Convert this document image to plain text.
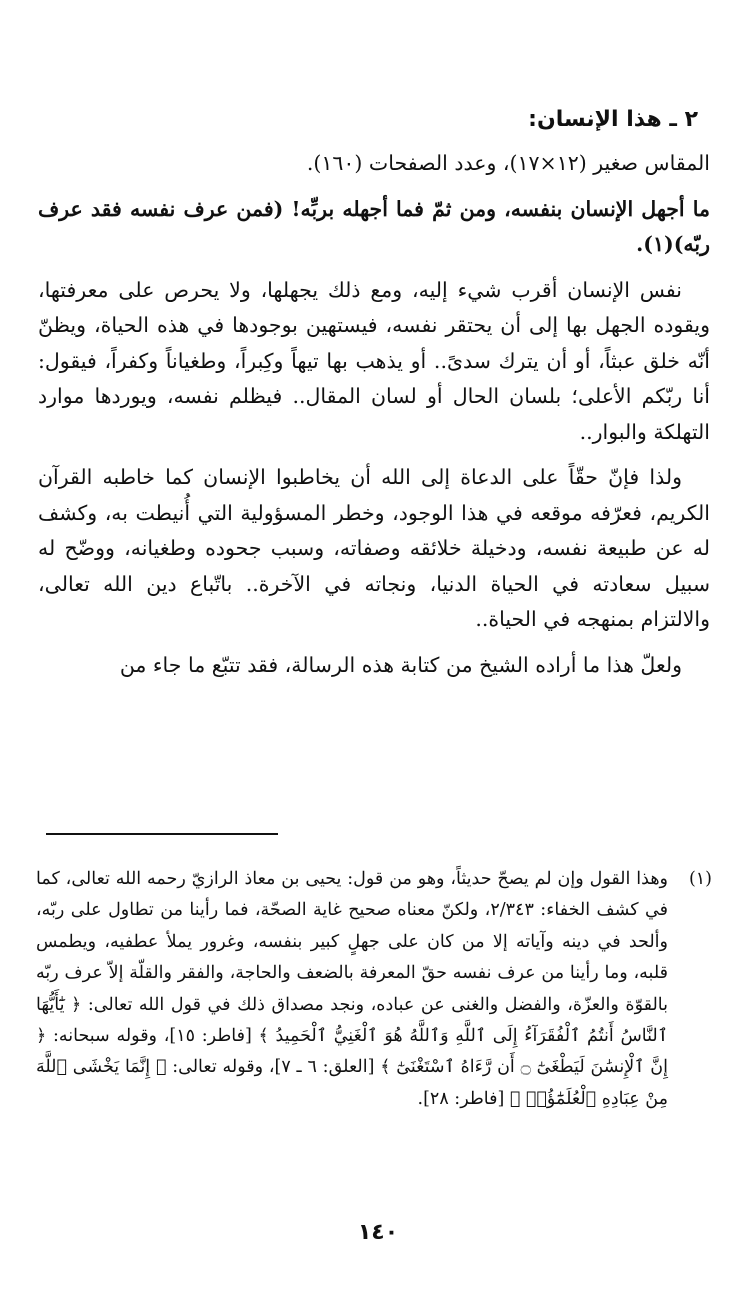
٢ ـ هذا الإنسان:

المقاس صغير (١٢×١٧)، وعدد الصفحات (١٦٠).

ما أجهل الإنسان بنفسه، ومن ثمّ فما أجهله بربِّه! (فمن عرف نفسه فقد عرف ربّه)(١).

نفس الإنسان أقرب شيء إليه، ومع ذلك يجهلها، ولا يحرص على معرفتها، ويقوده الجهل بها إلى أن يحتقر نفسه، فيستهين بوجودها في هذه الحياة، ويظنّ أنّه خلق عبثاً، أو أن يترك سدىً.. أو يذهب بها تيهاً وكِبراً، وطغياناً وكفراً، فيقول: أنا ربّكم الأعلى؛ بلسان الحال أو لسان المقال.. فيظلم نفسه، ويوردها موارد التهلكة والبوار..

ولذا فإنّ حقّاً على الدعاة إلى الله أن يخاطبوا الإنسان كما خاطبه القرآن الكريم، فعرّفه موقعه في هذا الوجود، وخطر المسؤولية التي أُنيطت به، وكشف له عن طبيعة نفسه، ودخيلة خلائقه وصفاته، وسبب جحوده وطغيانه، ووضّح له سبيل سعادته في الحياة الدنيا، ونجاته في الآخرة.. باتّباع دين الله تعالى، والالتزام بمنهجه في الحياة..

ولعلّ هذا ما أراده الشيخ من كتابة هذه الرسالة، فقد تتبّع ما جاء من

(١)

وهذا القول وإن لم يصحّ حديثاً، وهو من قول: يحيى بن معاذ الرازيّ رحمه الله تعالى، كما في كشف الخفاء: ٢/٣٤٣، ولكنّ معناه صحيح غاية الصحّة، فما رأينا من تطاول على ربّه، وألحد في دينه وآياته إلا من كان على جهلٍ كبير بنفسه، وغرور يملأ عطفيه، ويطمس قلبه، وما رأينا من عرف نفسه حقّ المعرفة بالضعف والحاجة، والفقر والقلّة إلاّ عرف ربّه بالقوّة والعزّة، والفضل والغنى عن عباده، ونجد مصداق ذلك في قول الله تعالى: ﴿ يَٰٓأَيُّهَا ٱلنَّاسُ أَنتُمُ ٱلْفُقَرَآءُ إِلَى ٱللَّهِ وَٱللَّهُ هُوَ ٱلْغَنِيُّ ٱلْحَمِيدُ ﴾ [فاطر: ١٥]، وقوله سبحانه: ﴿ إِنَّ ٱلْإِنسَٰنَ لَيَطْغَىٰٓ ۝ أَن رَّءَاهُ ٱسْتَغْنَىٰٓ ﴾ [العلق: ٦ ـ ٧]، وقوله تعالى: ﴿ إِنَّمَا يَخْشَى ٱللَّهَ مِنْ عِبَادِهِ ٱلْعُلَمَٰٓؤُا۟ ﴾ [فاطر: ٢٨].

١٤٠
